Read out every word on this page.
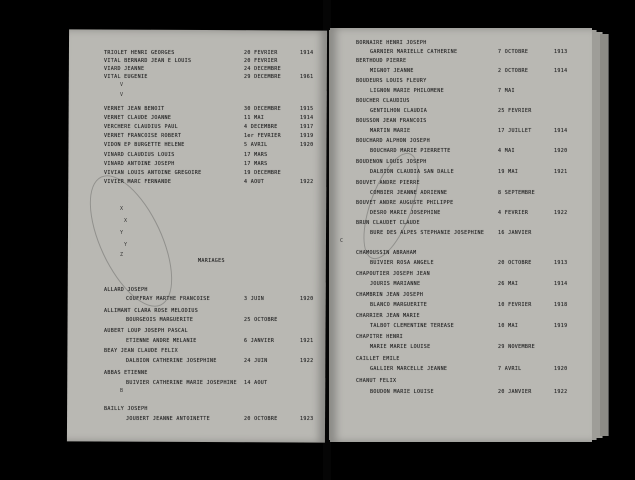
TRIOLET HENRI GEORGES	20 FEVRIER	1914
VITAL BERNARD JEAN E LOUIS	20 FEVRIER
VIARD JEANNE	24 DECEMBRE
VITAL EUGENIE	29 DECEMBRE	1961
VERNET JEAN BENOIT	30 DECEMBRE	1915
VERNET CLAUDE JOANNE	11 MAI	1914
VERCHERE CLAUDIUS PAUL	4 DECEMBRE	1917
VERNET FRANCOISE ROBERT	1er FEVRIER	1919
VIDON EP BURGETTE HELENE	5 AVRIL	1920
VINARD CLAUDIUS LOUIS	17 MARS
VINARD ANTOINE JOSEPH	17 MARS
VIVIAN LOUIS ANTOINE GREGOIRE	19 DECEMBRE
VIVIER MARC FERNANDE	4 AOUT	1922
ALLARD JOSEPH
COUFFRAY MARTHE FRANCOISE	3 JUIN	1920
ALLIMANT CLARA ROSE MELODIUS
BOURGEOIS MARGUERITE	25 OCTOBRE
AUBERT LOUP JOSEPH PASCAL
ETIENNE ANDRE MELANIE	6 JANVIER	1921
BEAY JEAN CLAUDE FELIX
DALBION CATHERINE JOSEPHINE	24 JUIN	1922
ABBAS ETIENNE
BUIVIER CATHERINE MARIE JOSEPHINE 14 AOUT
BAILLY JOSEPH
JOUBERT JEANNE ANTOINETTE	20 OCTOBRE	1923
V
V
X
X
Y
Y
Z
B
MARIAGES
BORNAIRE HENRI JOSEPH
GARNIER MARIELLE CATHERINE	7 OCTOBRE	1913
BERTHOUD PIERRE
MIGNOT JEANNE	2 OCTOBRE	1914
BOUDEURS LOUIS FLEURY
LIGNON MARIE PHILOMENE	7 MAI
BOUCHER CLAUDIUS
GENTILHON CLAUDIA	25 FEVRIER
BOUSSON JEAN FRANCOIS
MARTIN MARIE	17 JUILLET	1914
BOUCHARD ALPHON JOSEPH
BOUCHARD MARIE PIERRETTE	4 MAI	1920
BOUDENON LOUIS JOSEPH
DALBION CLAUDIA SAN DALLE	19 MAI	1921
BOUVET ANDRE PIERRE
COMBIER JEANNE ADRIENNE	8 SEPTEMBRE
BOUVET ANDRE AUGUSTE PHILIPPE
DESRO MARIE JOSEPHINE	4 FEVRIER	1922
BRUN CLAUDET CLAUDE
BURE DES ALPES STEPHANIE JOSEPHINE	16 JANVIER
CHAMOUSSIN ABRAHAM
BUIVIER ROSA ANGELE	20 OCTOBRE	1913
CHAPOUTIER JOSEPH JEAN
JOURIS MARIANNE	26 MAI	1914
CHAMBRIN JEAN JOSEPH
BLANCO MARGUERITE	10 FEVRIER	1918
CHARRIER JEAN MARIE
TALBOT CLEMENTINE TEREASE	10 MAI	1919
CHAPITRE HENRI
MARIE MARIE LOUISE	29 NOVEMBRE
CAILLET EMILE
GALLIER MARCELLE JEANNE	7 AVRIL	1920
CHANUT FELIX
BOUDON MARIE LOUISE	20 JANVIER	1922
C
